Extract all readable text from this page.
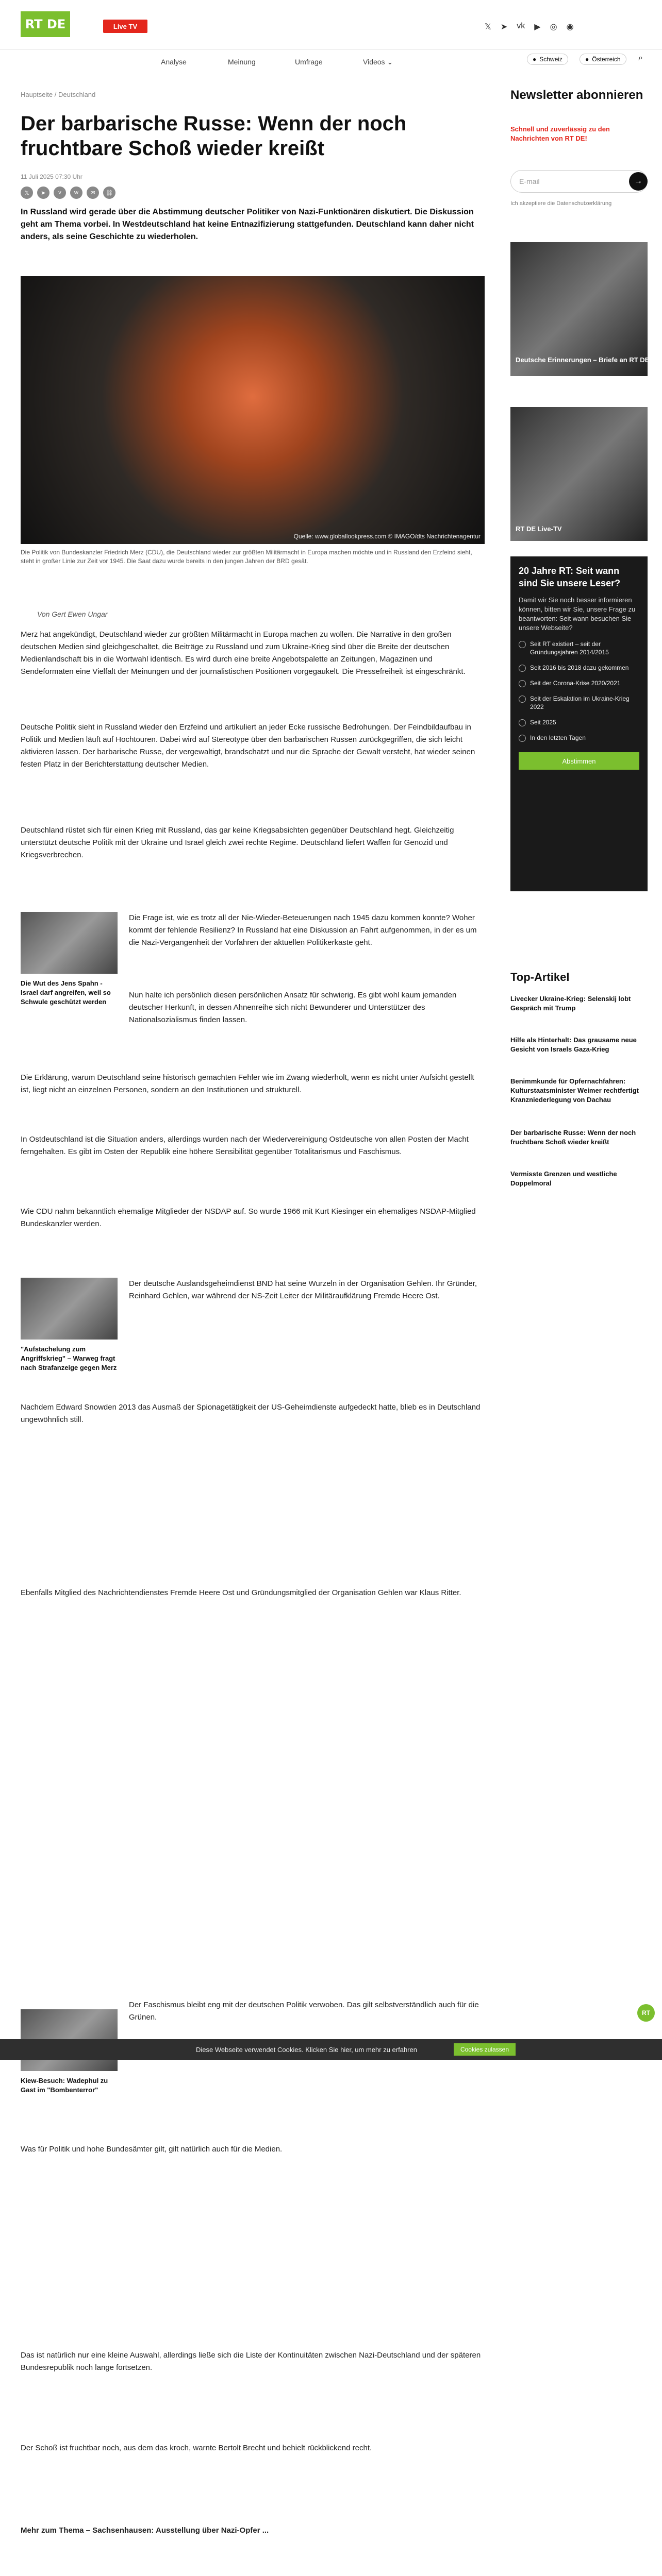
RT DE	Live TV	𝕏 ➤ vk ▶ ◎ ◉
Analyse	Meinung	Umfrage	Videos ⌄	● Schweiz	● Österreich ⌕
Hauptseite / Deutschland
Der barbarische Russe: Wenn der noch fruchtbare Schoß wieder kreißt
11 Juli 2025 07:30 Uhr
𝕏	➤	v	w	✉	⛓

In Russland wird gerade über die Abstimmung deutscher Politiker von Nazi-Funktionären diskutiert. Die Diskussion geht am Thema vorbei. In Westdeutschland hat keine Entnazifizierung stattgefunden. Deutschland kann daher nicht anders, als seine Geschichte zu wiederholen.

Quelle: www.globallookpress.com © IMAGO/dts Nachrichtenagentur

Die Politik von Bundeskanzler Friedrich Merz (CDU), die Deutschland wieder zur größten Militärmacht in Europa machen möchte und in Russland den Erzfeind sieht, steht in großer Linie zur Zeit vor 1945. Die Saat dazu wurde bereits in den jungen Jahren der BRD gesät.

Von Gert Ewen Ungar

Merz hat angekündigt, Deutschland wieder zur größten Militärmacht in Europa machen zu wollen. Die Narrative in den großen deutschen Medien sind gleichgeschaltet, die Beiträge zu Russland und zum Ukraine-Krieg sind über die Breite der deutschen Medienlandschaft bis in die Wortwahl identisch. Es wird durch eine breite Angebotspalette an Zeitungen, Magazinen und Sendeformaten eine Vielfalt der Meinungen und der journalistischen Positionen vorgegaukelt. Die Pressefreiheit ist eingeschränkt.

Deutsche Politik sieht in Russland wieder den Erzfeind und artikuliert an jeder Ecke russische Bedrohungen. Der Feindbildaufbau in Politik und Medien läuft auf Hochtouren. Dabei wird auf Stereotype über den barbarischen Russen zurückgegriffen, die sich leicht aktivieren lassen. Der barbarische Russe, der vergewaltigt, brandschatzt und nur die Sprache der Gewalt versteht, hat wieder seinen festen Platz in der Berichterstattung deutscher Medien.

Deutschland rüstet sich für einen Krieg mit Russland, das gar keine Kriegsabsichten gegenüber Deutschland hegt. Gleichzeitig unterstützt deutsche Politik mit der Ukraine und Israel gleich zwei rechte Regime. Deutschland liefert Waffen für Genozid und Kriegsverbrechen.

Die Wut des Jens Spahn - Israel darf angreifen, weil so Schwule geschützt werden

Die Frage ist, wie es trotz all der Nie-Wieder-Beteuerungen nach 1945 dazu kommen konnte? Woher kommt der fehlende Resilienz? In Russland hat eine Diskussion an Fahrt aufgenommen, in der es um die Nazi-Vergangenheit der Vorfahren der aktuellen Politikerkaste geht.

Nun halte ich persönlich diesen persönlichen Ansatz für schwierig. Es gibt wohl kaum jemanden deutscher Herkunft, in dessen Ahnenreihe sich nicht Bewunderer und Unterstützer des Nationalsozialismus finden lassen.

Die Erklärung, warum Deutschland seine historisch gemachten Fehler wie im Zwang wiederholt, wenn es nicht unter Aufsicht gestellt ist, liegt nicht an einzelnen Personen, sondern an den Institutionen und strukturell.

In Ostdeutschland ist die Situation anders, allerdings wurden nach der Wiedervereinigung Ostdeutsche von allen Posten der Macht ferngehalten. Es gibt im Osten der Republik eine höhere Sensibilität gegenüber Totalitarismus und Faschismus.

Wie CDU nahm bekanntlich ehemalige Mitglieder der NSDAP auf. So wurde 1966 mit Kurt Kiesinger ein ehemaliges NSDAP-Mitglied Bundeskanzler werden.

"Aufstachelung zum Angriffskrieg" – Warweg fragt nach Strafanzeige gegen Merz

Der deutsche Auslandsgeheimdienst BND hat seine Wurzeln in der Organisation Gehlen. Ihr Gründer, Reinhard Gehlen, war während der NS-Zeit Leiter der Militäraufklärung Fremde Heere Ost.

Nachdem Edward Snowden 2013 das Ausmaß der Spionagetätigkeit der US-Geheimdienste aufgedeckt hatte, blieb es in Deutschland ungewöhnlich still.

Ebenfalls Mitglied des Nachrichtendienstes Fremde Heere Ost und Gründungsmitglied der Organisation Gehlen war Klaus Ritter.

Kiew-Besuch: Wadephul zu Gast im "Bombenterror"

Der Faschismus bleibt eng mit der deutschen Politik verwoben. Das gilt selbstverständlich auch für die Grünen.

Was für Politik und hohe Bundesämter gilt, gilt natürlich auch für die Medien.

Das ist natürlich nur eine kleine Auswahl, allerdings ließe sich die Liste der Kontinuitäten zwischen Nazi-Deutschland und der späteren Bundesrepublik noch lange fortsetzen.

Der Schoß ist fruchtbar noch, aus dem das kroch, warnte Bertolt Brecht und behielt rückblickend recht.

Mehr zum Thema – Sachsenhausen: Ausstellung über Nazi-Opfer ...

Diese Webseite verwendet Cookies. Klicken Sie hier, um mehr zu erfahren	Cookies zulassen
Newsletter abonnieren
Schnell und zuverlässig zu den Nachrichten von RT DE!
E-mail	→
Ich akzeptiere die Datenschutzerklärung
Deutsche Erinnerungen – Briefe an RT DE
RT DE Live-TV
20 Jahre RT: Seit wann sind Sie unsere Leser?
Damit wir Sie noch besser informieren können, bitten wir Sie, unsere Frage zu beantworten: Seit wann besuchen Sie unsere Webseite?
Seit RT existiert – seit der Gründungsjahren 2014/2015
Seit 2016 bis 2018 dazu gekommen
Seit der Corona-Krise 2020/2021
Seit der Eskalation im Ukraine-Krieg 2022
Seit 2025
In den letzten Tagen
Abstimmen
Top-Artikel
Livecker Ukraine-Krieg: Selenskij lobt Gespräch mit Trump
Hilfe als Hinterhalt: Das grausame neue Gesicht von Israels Gaza-Krieg
Benimmkunde für Opfernachfahren: Kulturstaatsminister Weimer rechtfertigt Kranzniederlegung von Dachau
Der barbarische Russe: Wenn der noch fruchtbare Schoß wieder kreißt
Vermisste Grenzen und westliche Doppelmoral
RT
